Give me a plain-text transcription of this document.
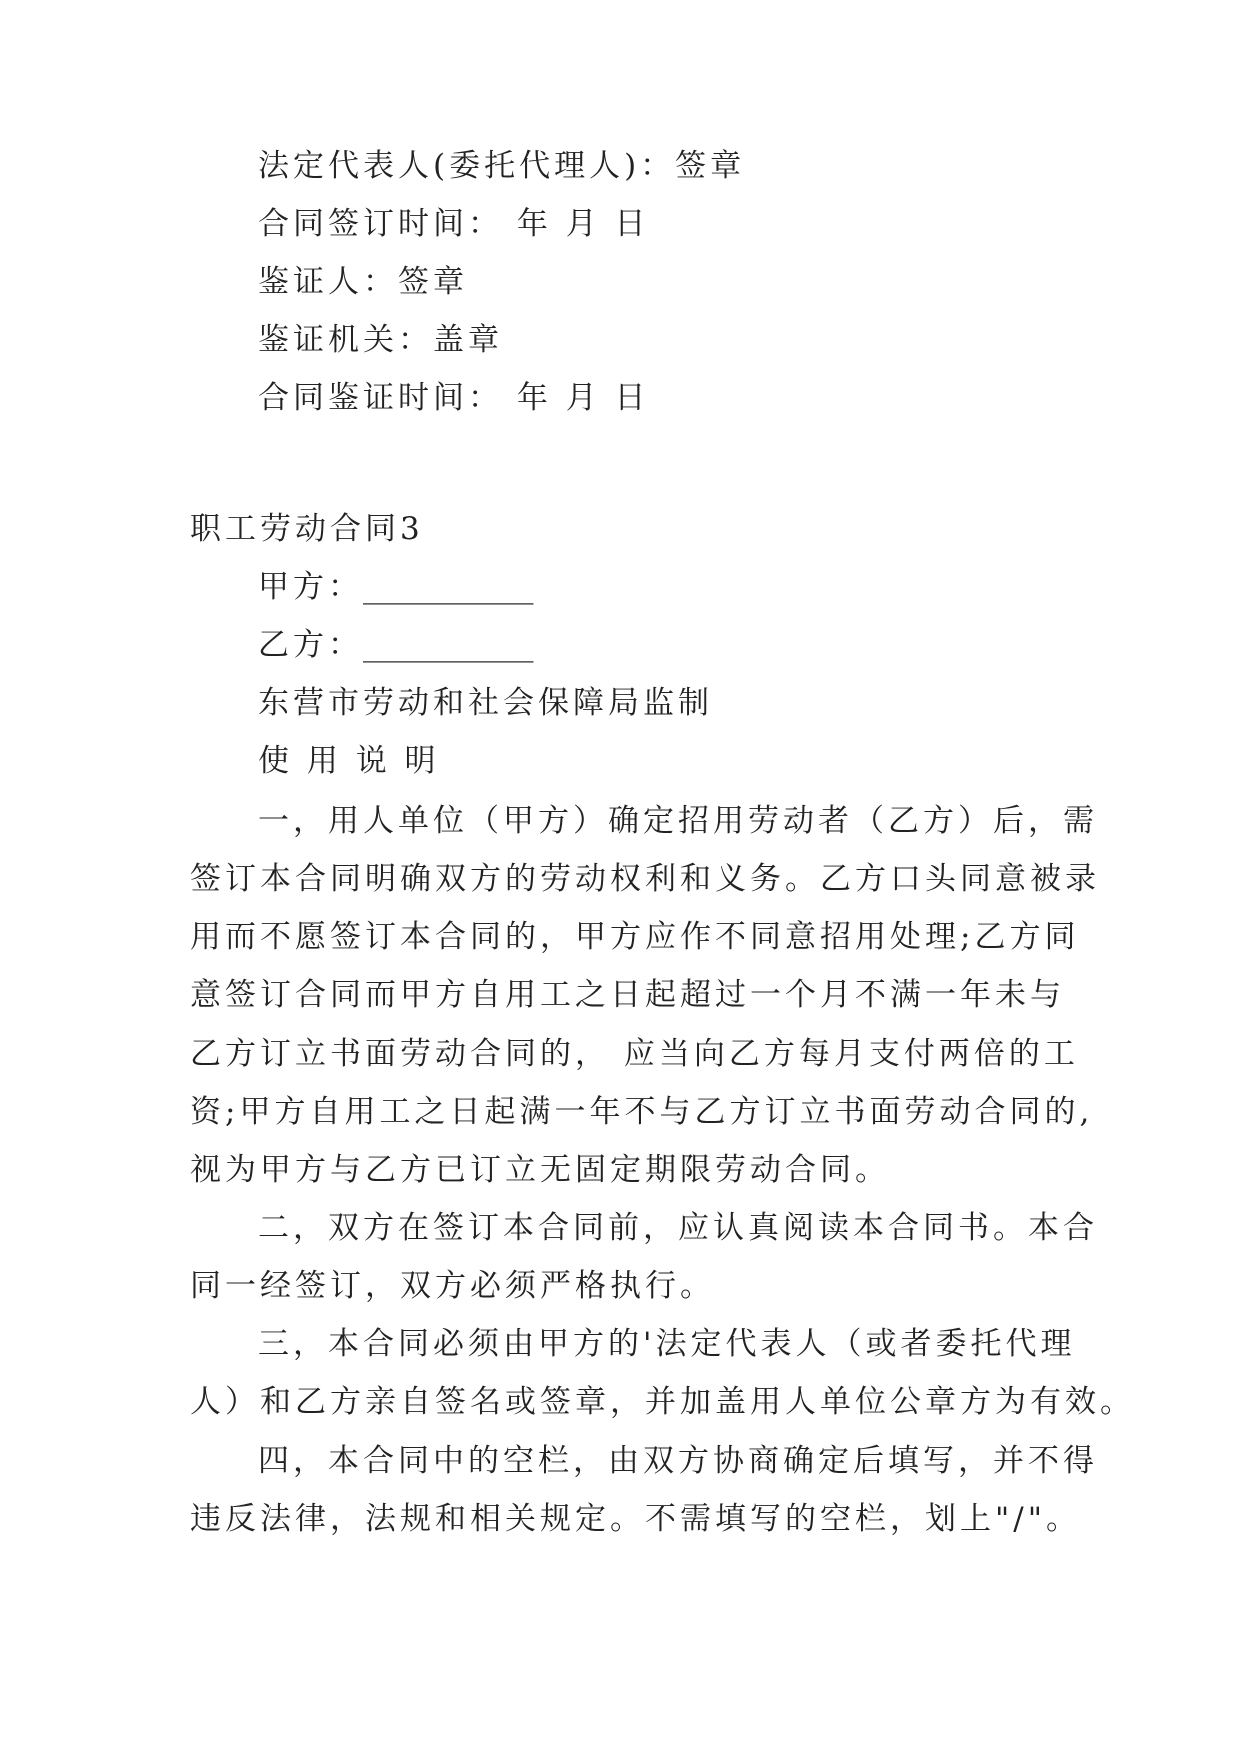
法定代表人(委托代理人)：签章
合同签订时间： 年 月 日
鉴证人：签章
鉴证机关：盖章
合同鉴证时间： 年 月 日
职工劳动合同3
甲方：___________
乙方：___________
东营市劳动和社会保障局监制
使 用 说 明
一，用人单位（甲方）确定招用劳动者（乙方）后，需
签订本合同明确双方的劳动权利和义务。乙方口头同意被录
用而不愿签订本合同的，甲方应作不同意招用处理;乙方同
意签订合同而甲方自用工之日起超过一个月不满一年未与
乙方订立书面劳动合同的， 应当向乙方每月支付两倍的工
资;甲方自用工之日起满一年不与乙方订立书面劳动合同的,
视为甲方与乙方已订立无固定期限劳动合同。
二，双方在签订本合同前，应认真阅读本合同书。本合
同一经签订，双方必须严格执行。
三，本合同必须由甲方的'法定代表人（或者委托代理
人）和乙方亲自签名或签章，并加盖用人单位公章方为有效。
四，本合同中的空栏，由双方协商确定后填写，并不得
违反法律，法规和相关规定。不需填写的空栏，划上"/"。
